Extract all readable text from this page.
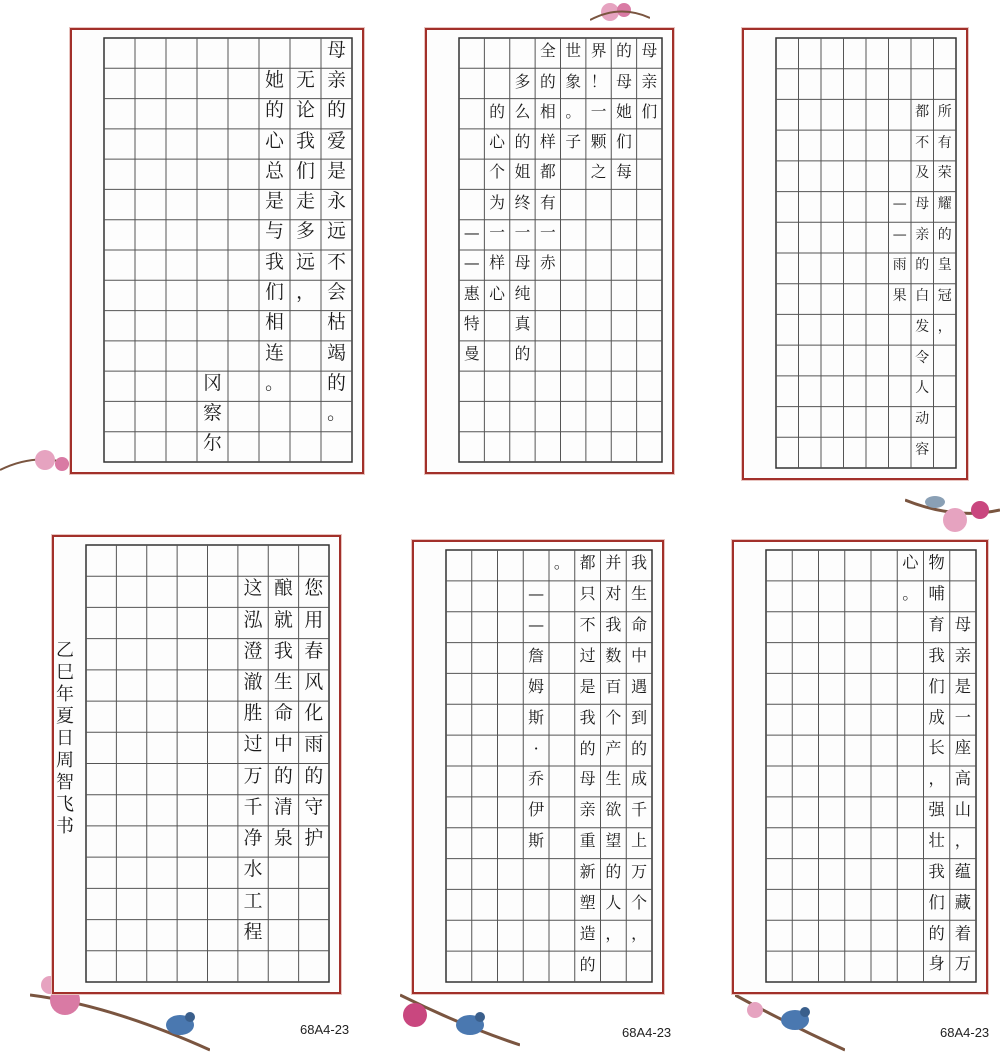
母
亲
的
爱
是
永
远
不
会
枯
竭
的
。
无
论
我
们
走
多
远
，
她
的
心
总
是
与
我
们
相
连
。
冈
察
尔
母
亲
们
的
母
她
们
每
界
！
一
颗
之
世
象
。
子
全
的
相
样
都
有
一
赤
多
么
的
姐
终
一
母
纯
真
的
的
心
个
为
一
样
心
—
—
惠
特
曼
所
有
荣
耀
的
皇
冠
，
都
不
及
母
亲
的
白
发
令
人
动
容
—
—
雨
果
您
用
春
风
化
雨
的
守
护
酿
就
我
生
命
中
的
清
泉
这
泓
澄
澈
胜
过
万
千
净
水
工
程
我
生
命
中
遇
到
的
成
千
上
万
个
，
并
对
我
数
百
个
产
生
欲
望
的
人
，
都
只
不
过
是
我
的
母
亲
重
新
塑
造
的
。
—
—
詹
姆
斯
·
乔
伊
斯
母
亲
是
一
座
高
山
，
蕴
藏
着
万
物
哺
育
我
们
成
长
，
强
壮
我
们
的
身
心
。
乙
巳
年
夏
日
周
智
飞
书
68A4-23	68A4-23	68A4-23
